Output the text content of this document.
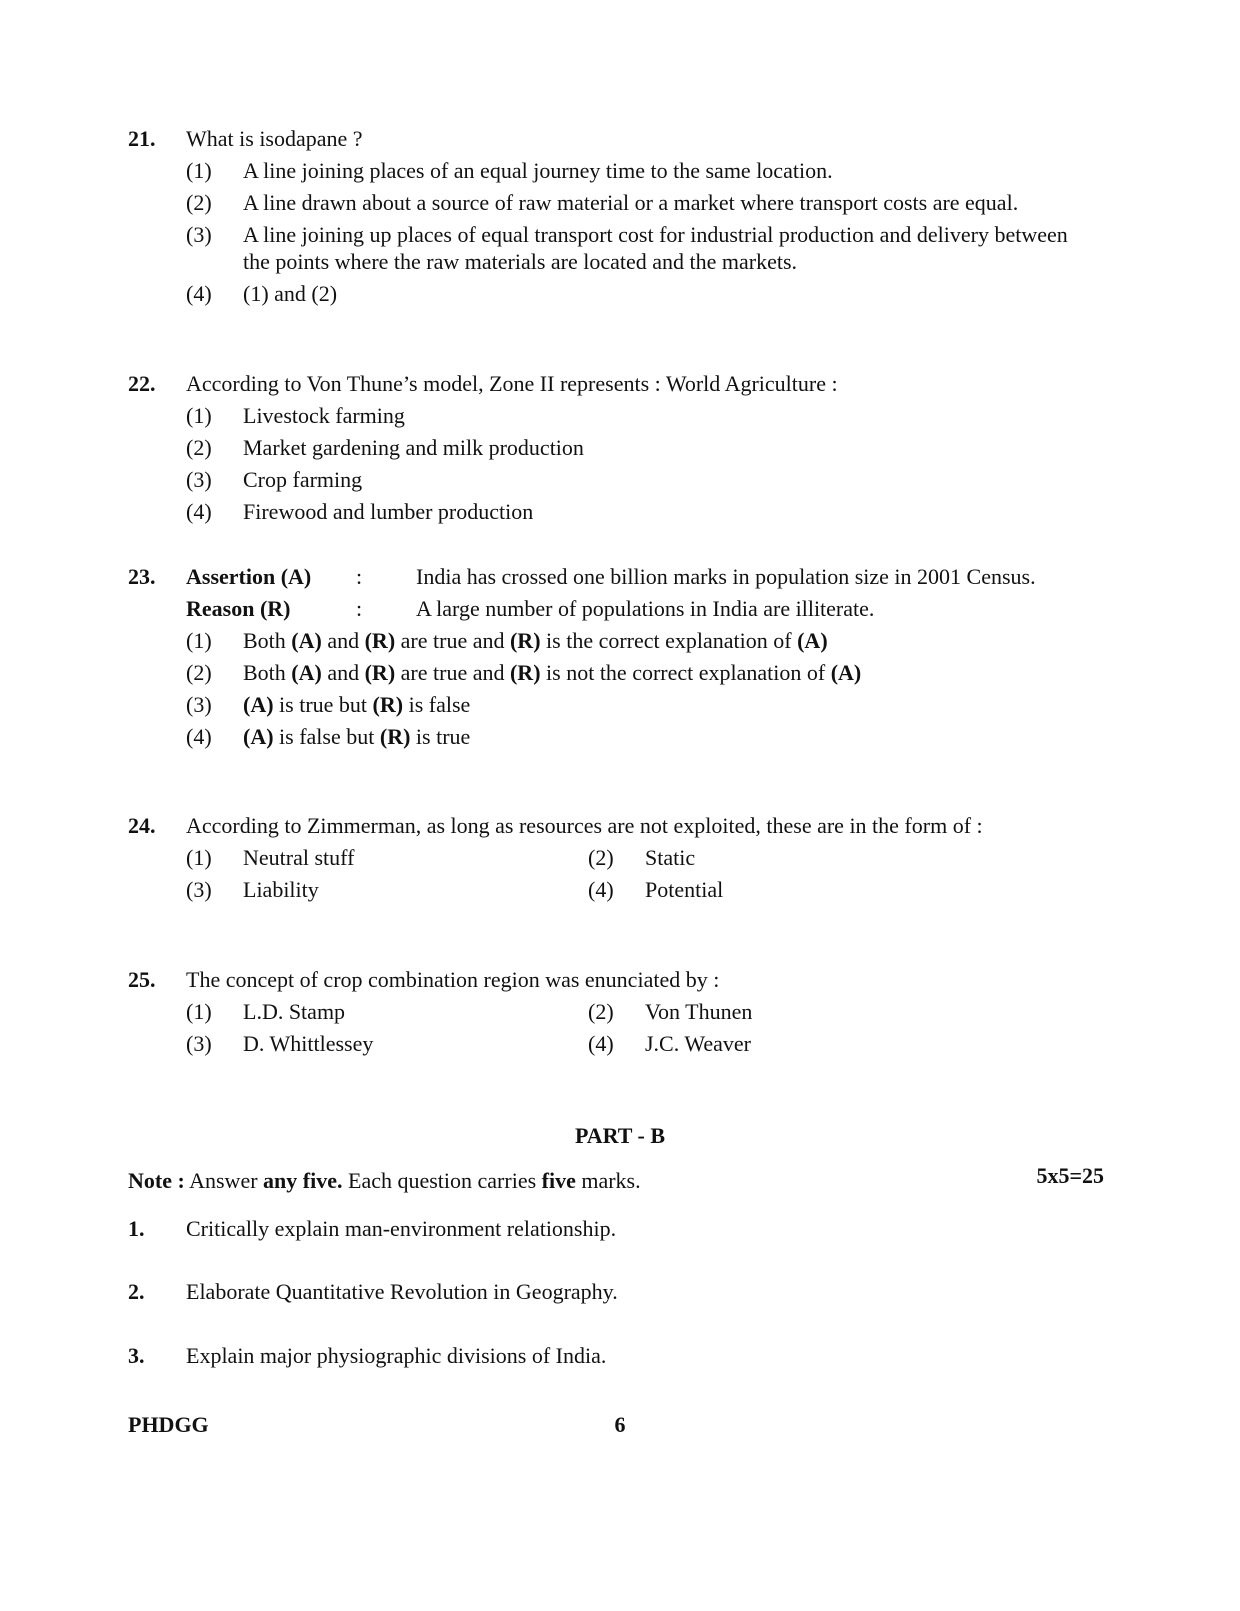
21. What is isodapane ?
(1) A line joining places of an equal journey time to the same location.
(2) A line drawn about a source of raw material or a market where transport costs are equal.
(3) A line joining up places of equal transport cost for industrial production and delivery between the points where the raw materials are located and the markets.
(4) (1) and (2)
22. According to Von Thune’s model, Zone II represents : World Agriculture :
(1) Livestock farming
(2) Market gardening and milk production
(3) Crop farming
(4) Firewood and lumber production
23. Assertion (A) : India has crossed one billion marks in population size in 2001 Census.
Reason (R)	: A large number of populations in India are illiterate.
(1) Both (A) and (R) are true and (R) is the correct explanation of (A)
(2) Both (A) and (R) are true and (R) is not the correct explanation of (A)
(3) (A) is true but (R) is false
(4) (A) is false but (R) is true
24. According to Zimmerman, as long as resources are not exploited, these are in the form of :
(1) Neutral stuff	(2) Static
(3) Liability	(4) Potential
25. The concept of crop combination region was enunciated by :
(1) L.D. Stamp	(2) Von Thunen
(3) D. Whittlessey	(4) J.C. Weaver
PART - B
Note : Answer any five. Each question carries five marks.	5x5=25
1. Critically explain man-environment relationship.
2. Elaborate Quantitative Revolution in Geography.
3. Explain major physiographic divisions of India.
PHDGG	6
